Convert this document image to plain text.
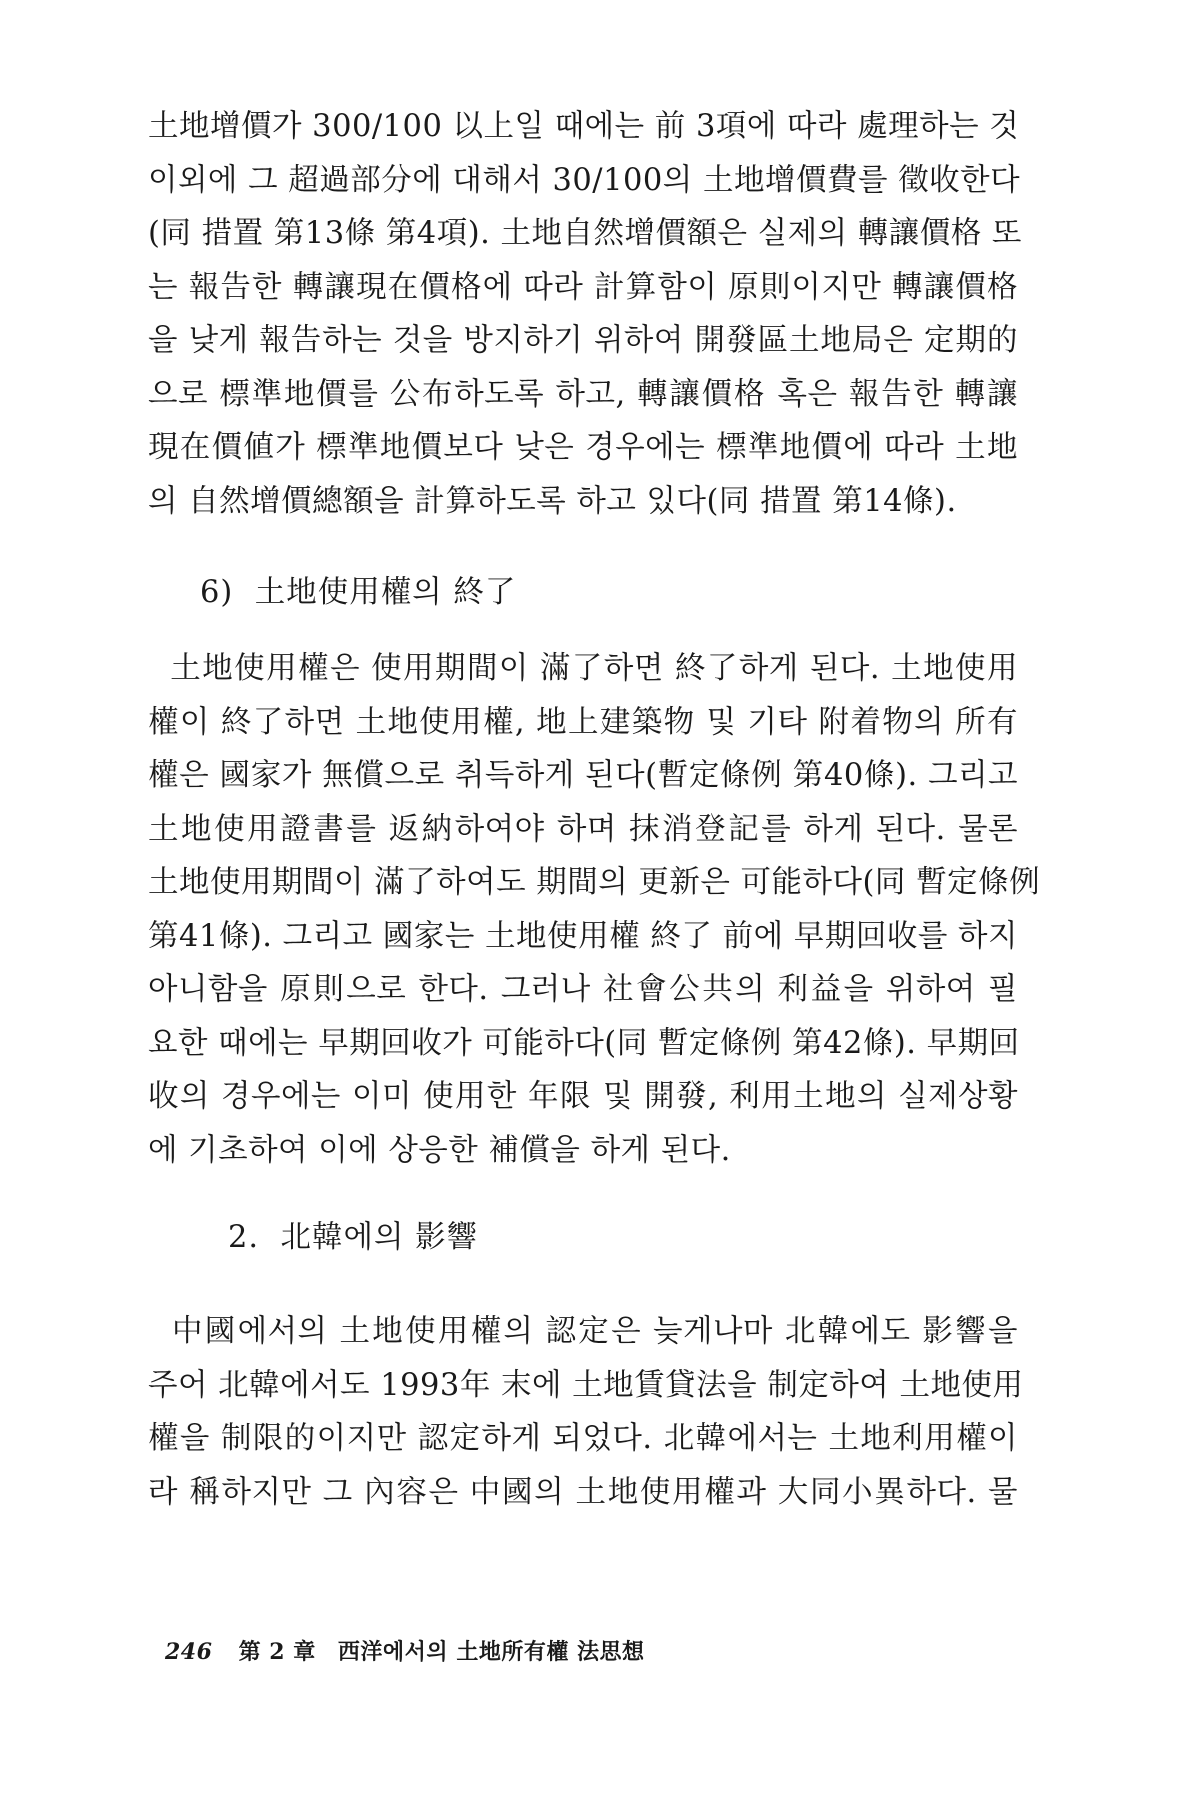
土地增價가 300/100 以上일 때에는 前 3項에 따라 處理하는 것
이외에 그 超過部分에 대해서 30/100의 土地增價費를 徵收한다
(同 措置 第13條 第4項). 土地自然增價額은 실제의 轉讓價格 또
는 報告한 轉讓現在價格에 따라 計算함이 原則이지만 轉讓價格
을 낮게 報告하는 것을 방지하기 위하여 開發區土地局은 定期的
으로 標準地價를 公布하도록 하고, 轉讓價格 혹은 報告한 轉讓
現在價値가 標準地價보다 낮은 경우에는 標準地價에 따라 土地
의 自然增價總額을 計算하도록 하고 있다(同 措置 第14條).
6)  土地使用權의 終了
土地使用權은 使用期間이 滿了하면 終了하게 된다. 土地使用
權이 終了하면 土地使用權, 地上建築物 및 기타 附着物의 所有
權은 國家가 無償으로 취득하게 된다(暫定條例 第40條). 그리고
土地使用證書를 返納하여야 하며 抹消登記를 하게 된다. 물론
土地使用期間이 滿了하여도 期間의 更新은 可能하다(同 暫定條例
第41條). 그리고 國家는 土地使用權 終了 前에 早期回收를 하지
아니함을 原則으로 한다. 그러나 社會公共의 利益을 위하여 필
요한 때에는 早期回收가 可能하다(同 暫定條例 第42條). 早期回
收의 경우에는 이미 使用한 年限 및 開發, 利用土地의 실제상황
에 기초하여 이에 상응한 補償을 하게 된다.
2.  北韓에의 影響
中國에서의 土地使用權의 認定은 늦게나마 北韓에도 影響을
주어 北韓에서도 1993年 末에 土地賃貸法을 制定하여 土地使用
權을 制限的이지만 認定하게 되었다. 北韓에서는 土地利用權이
라 稱하지만 그 內容은 中國의 土地使用權과 大同小異하다. 물
246 第 2 章 西洋에서의 土地所有權 法思想
